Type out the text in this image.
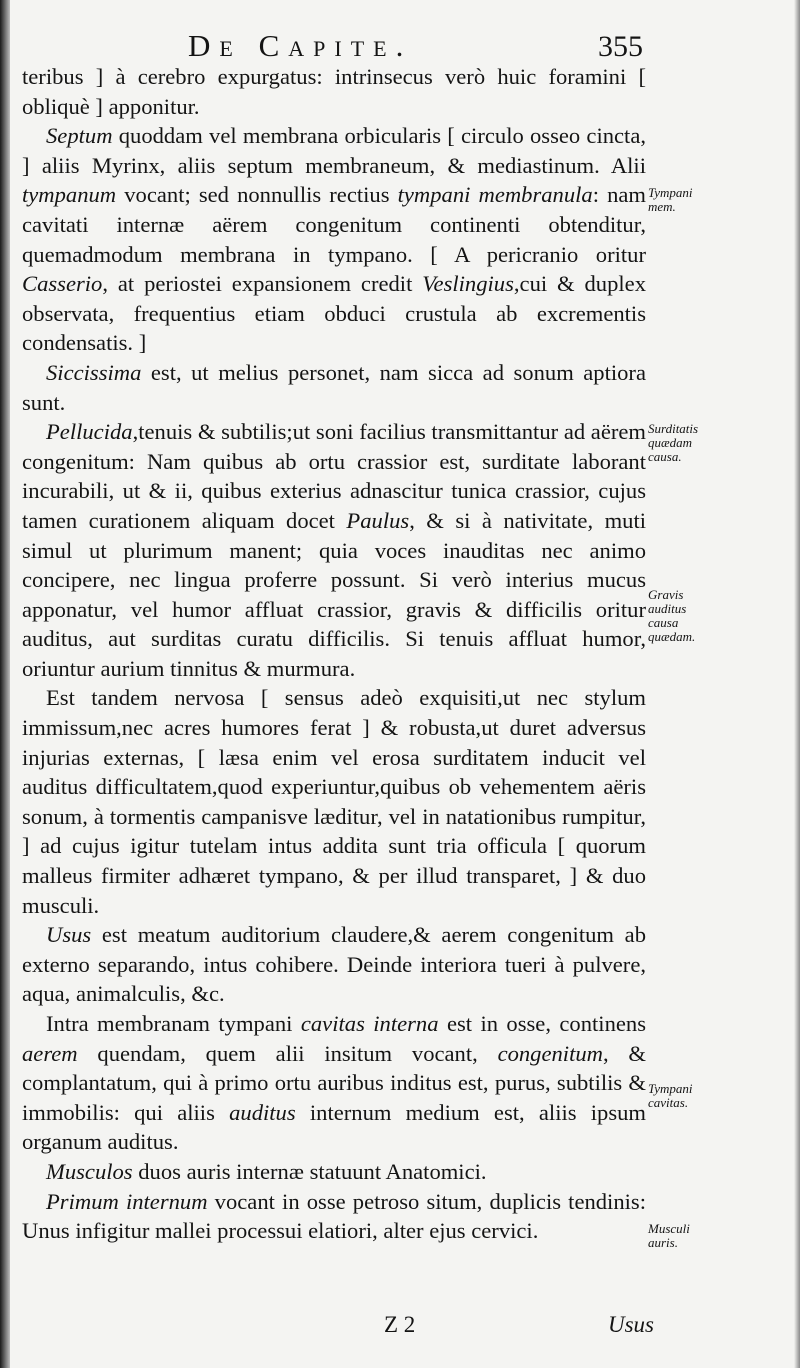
De Capite.	355

teribus ] à cerebro expurgatus: intrinsecus verò huic foramini [ obliquè ] apponitur.

Septum quoddam vel membrana orbicularis [ circulo osseo cincta, ] aliis Myrinx, aliis septum membraneum, & mediastinum. Alii tympanum vocant; sed nonnullis rectius tympani membranula: nam cavitati internæ aërem congenitum continenti obtenditur, quemadmodum membrana in tympano. [ A pericranio oritur Casserio, at periostei expansionem credit Veslingius,cui & duplex observata, frequentius etiam obduci crustula ab excrementis condensatis. ]

Siccissima est, ut melius personet, nam sicca ad sonum aptiora sunt.

Pellucida,tenuis & subtilis;ut soni facilius transmittantur ad aërem congenitum: Nam quibus ab ortu crassior est, surditate laborant incurabili, ut & ii, quibus exterius adnascitur tunica crassior, cujus tamen curationem aliquam docet Paulus, & si à nativitate, muti simul ut plurimum manent; quia voces inauditas nec animo concipere, nec lingua proferre possunt. Si verò interius mucus apponatur, vel humor affluat crassior, gravis & difficilis oritur auditus, aut surditas curatu difficilis. Si tenuis affluat humor, oriuntur aurium tinnitus & murmura.

Est tandem nervosa [ sensus adeò exquisiti,ut nec stylum immissum,nec acres humores ferat ] & robusta,ut duret adversus injurias externas, [ læsa enim vel erosa surditatem inducit vel auditus difficultatem,quod experiuntur,quibus ob vehementem aëris sonum, à tormentis campanisve læditur, vel in natationibus rumpitur, ] ad cujus igitur tutelam intus addita sunt tria officula [ quorum malleus firmiter adhæret tympano, & per illud transparet, ] & duo musculi.

Usus est meatum auditorium claudere,& aerem congenitum ab externo separando, intus cohibere. Deinde interiora tueri à pulvere, aqua, animalculis, &c.

Intra membranam tympani cavitas interna est in osse, continens aerem quendam, quem alii insitum vocant, congenitum, & complantatum, qui à primo ortu auribus inditus est, purus, subtilis & immobilis: qui aliis auditus internum medium est, aliis ipsum organum auditus.

Musculos duos auris internæ statuunt Anatomici.

Primum internum vocant in osse petroso situm, duplicis tendinis: Unus infigitur mallei processui elatiori, alter ejus cervici.

Tympani
mem.
Surditatis
quædam
causa.
Gravis
auditus
causa
quædam.
Tympani
cavitas.
Musculi
auris.
Z 2	Usus
